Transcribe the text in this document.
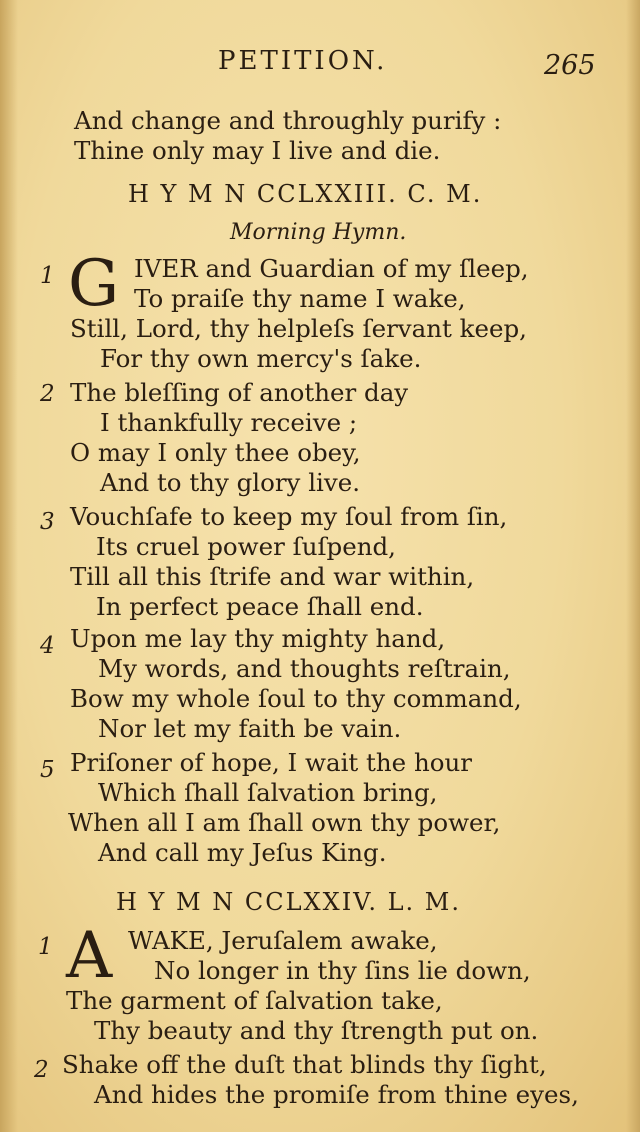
PETITION.	265
And change and throughly purify :
Thine only may I live and die.
H Y M N CCLXXIII. C. M.
Morning Hymn.
1 G IVER and Guardian of my ſleep,
To praiſe thy name I wake,
Still, Lord, thy helpleſs ſervant keep,
For thy own mercy's ſake.
2 The bleſſing of another day
I thankfully receive ;
O may I only thee obey,
And to thy glory live.
3 Vouchſafe to keep my ſoul from ſin,
Its cruel power ſuſpend,
Till all this ſtrife and war within,
In perfect peace ſhall end.
4 Upon me lay thy mighty hand,
My words, and thoughts reſtrain,
Bow my whole ſoul to thy command,
Nor let my faith be vain.
5 Priſoner of hope, I wait the hour
Which ſhall ſalvation bring,
When all I am ſhall own thy power,
And call my Jeſus King.
H Y M N CCLXXIV. L. M.
1 A WAKE, Jeruſalem awake,
No longer in thy ſins lie down,
The garment of ſalvation take,
Thy beauty and thy ſtrength put on.
2 Shake off the duſt that blinds thy ſight,
And hides the promiſe from thine eyes,
